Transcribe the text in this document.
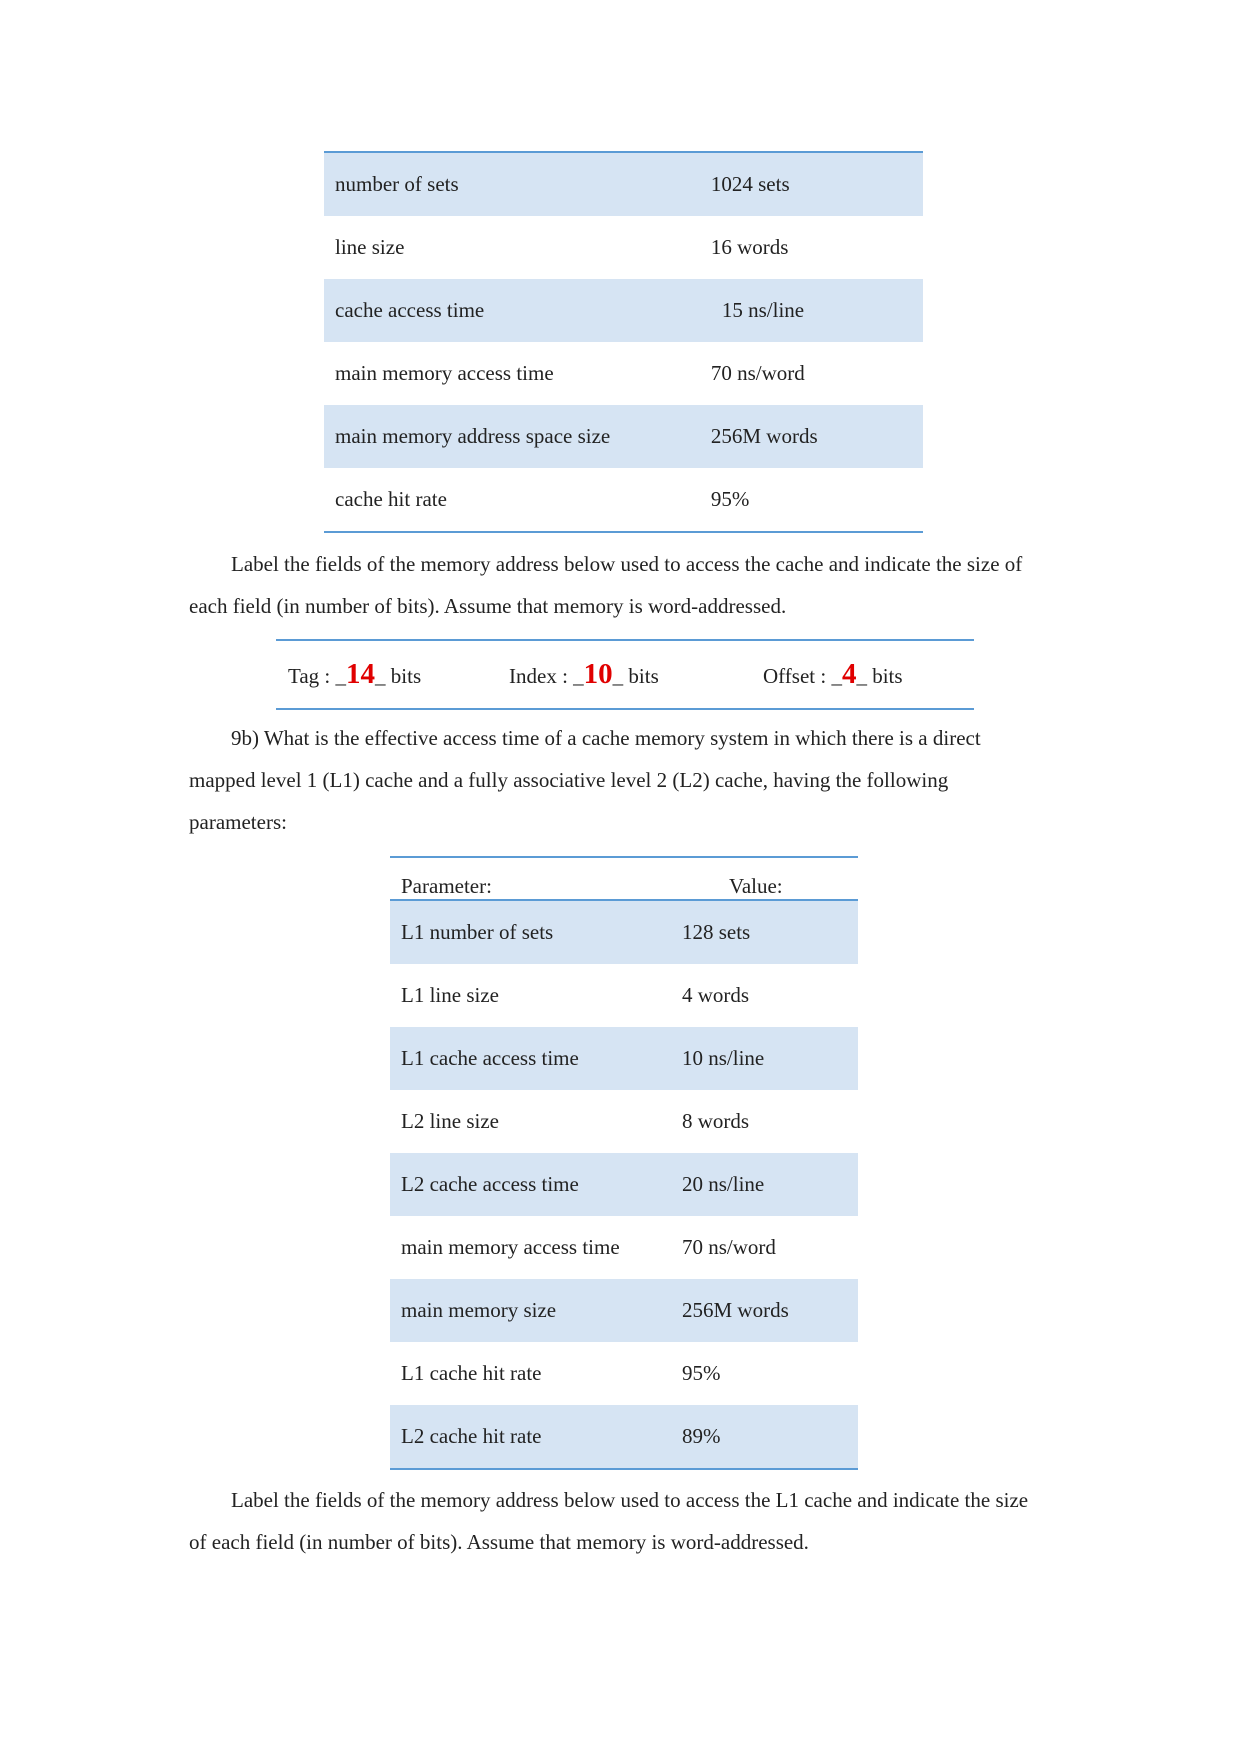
number of sets	1024 sets
line size	16 words
cache access time	15 ns/line
main memory access time	70 ns/word
main memory address space size	256M words
cache hit rate	95%

Label the fields of the memory address below used to access the cache and indicate the size of each field (in number of bits). Assume that memory is word-addressed.

Tag : _14_ bits	Index : _10_ bits	Offset : _4_ bits

9b) What is the effective access time of a cache memory system in which there is a direct mapped level 1 (L1) cache and a fully associative level 2 (L2) cache, having the following parameters:

Parameter:	Value:
L1 number of sets	128 sets
L1 line size	4 words
L1 cache access time	10 ns/line
L2 line size	8 words
L2 cache access time	20 ns/line
main memory access time	70 ns/word
main memory size	256M words
L1 cache hit rate	95%
L2 cache hit rate	89%

Label the fields of the memory address below used to access the L1 cache and indicate the size of each field (in number of bits). Assume that memory is word-addressed.
